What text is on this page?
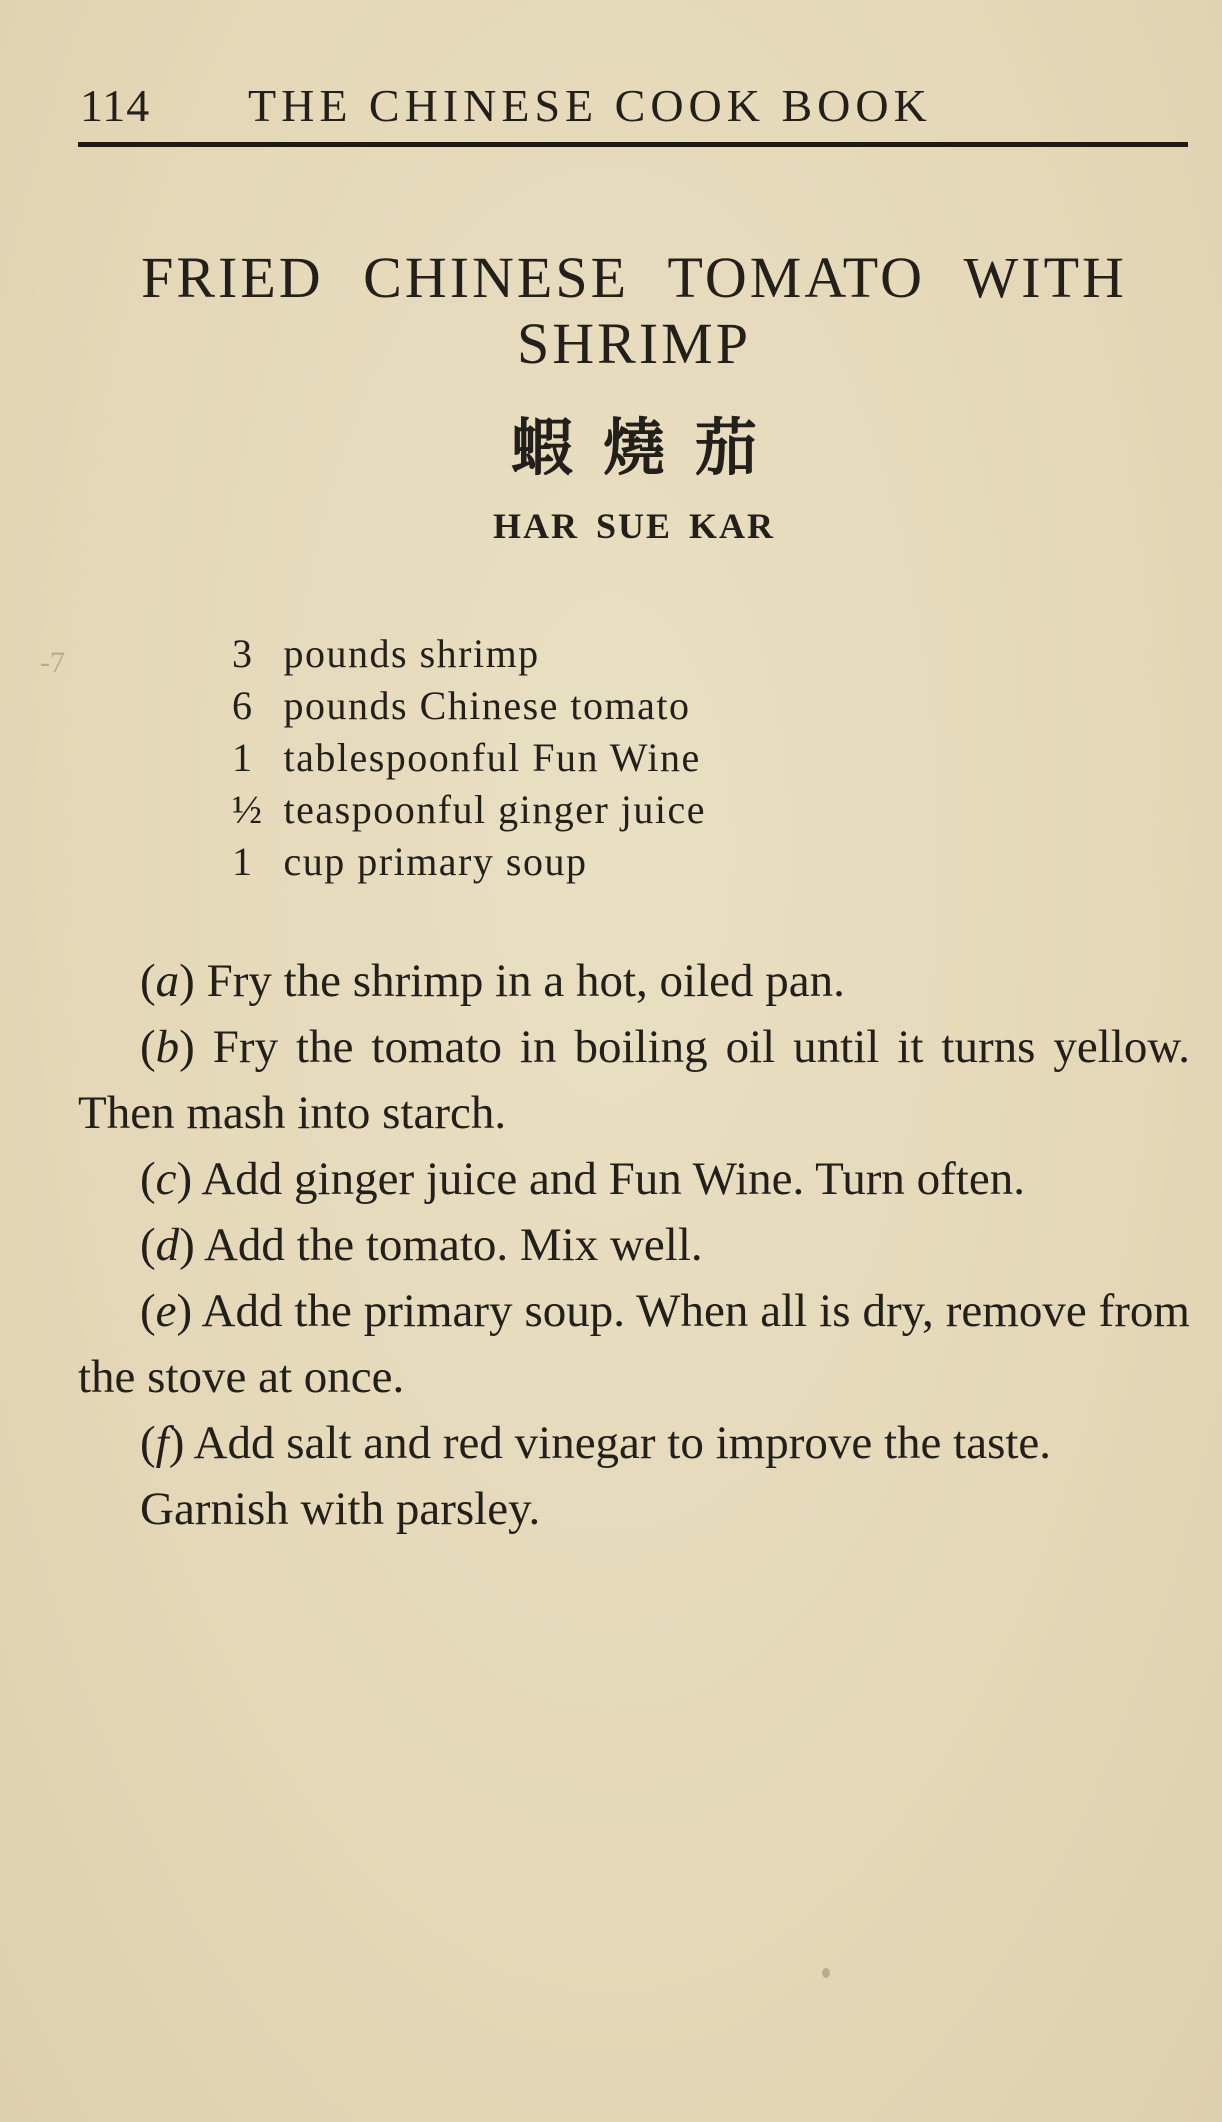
114 THE CHINESE COOK BOOK
FRIED CHINESE TOMATO WITH SHRIMP
蝦燒茄
HAR SUE KAR
‐7	3 pounds shrimp
6 pounds Chinese tomato
1 tablespoonful Fun Wine
½ teaspoonful ginger juice
1 cup primary soup

(a) Fry the shrimp in a hot, oiled pan.

(b) Fry the tomato in boiling oil until it turns yellow. Then mash into starch.

(c) Add ginger juice and Fun Wine. Turn often.

(d) Add the tomato. Mix well.

(e) Add the primary soup. When all is dry, remove from the stove at once.

(f) Add salt and red vinegar to improve the taste.

Garnish with parsley.
